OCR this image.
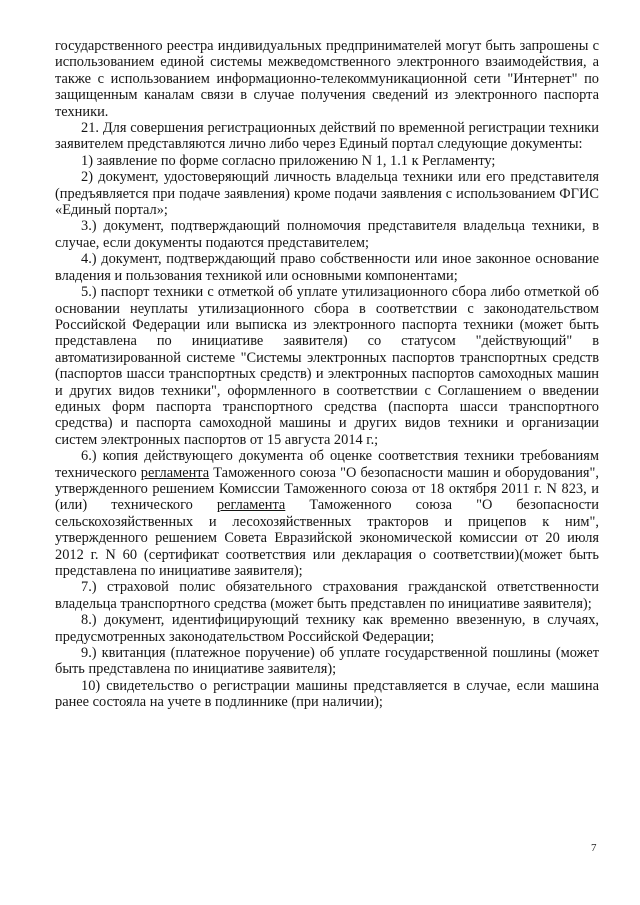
государственного реестра индивидуальных предпринимателей могут быть запрошены с использованием единой системы межведомственного электронного взаимодействия, а также с использованием информационно-телекоммуникационной сети "Интернет" по защищенным каналам связи в случае получения сведений из электронного паспорта техники.

21. Для совершения регистрационных действий по временной регистрации техники заявителем представляются лично либо через Единый портал следующие документы:

1) заявление по форме согласно приложению N 1, 1.1 к Регламенту;

2) документ, удостоверяющий личность владельца техники или его представителя (предъявляется при подаче заявления) кроме подачи заявления с использованием ФГИС «Единый портал»;

3.) документ, подтверждающий полномочия представителя владельца техники, в случае, если документы подаются представителем;

4.) документ, подтверждающий право собственности или иное законное основание владения и пользования техникой или основными компонентами;

5.) паспорт техники с отметкой об уплате утилизационного сбора либо отметкой об основании неуплаты утилизационного сбора в соответствии с законодательством Российской Федерации или выписка из электронного паспорта техники (может быть представлена по инициативе заявителя) со статусом "действующий" в автоматизированной системе "Системы электронных паспортов транспортных средств (паспортов шасси транспортных средств) и электронных паспортов самоходных машин и других видов техники", оформленного в соответствии с Соглашением о введении единых форм паспорта транспортного средства (паспорта шасси транспортного средства) и паспорта самоходной машины и других видов техники и организации систем электронных паспортов от 15 августа 2014 г.;

6.) копия действующего документа об оценке соответствия техники требованиям технического регламента Таможенного союза "О безопасности машин и оборудования", утвержденного решением Комиссии Таможенного союза от 18 октября 2011 г. N 823, и (или) технического регламента Таможенного союза "О безопасности сельскохозяйственных и лесохозяйственных тракторов и прицепов к ним", утвержденного решением Совета Евразийской экономической комиссии от 20 июля 2012 г. N 60 (сертификат соответствия или декларация о соответствии)(может быть представлена по инициативе заявителя);

7.) страховой полис обязательного страхования гражданской ответственности владельца транспортного средства (может быть представлен по инициативе заявителя);

8.) документ, идентифицирующий технику как временно ввезенную, в случаях, предусмотренных законодательством Российской Федерации;

9.) квитанция (платежное поручение) об уплате государственной пошлины (может быть представлена по инициативе заявителя);

10) свидетельство о регистрации машины представляется в случае, если машина ранее состояла на учете в подлиннике (при наличии);

7
